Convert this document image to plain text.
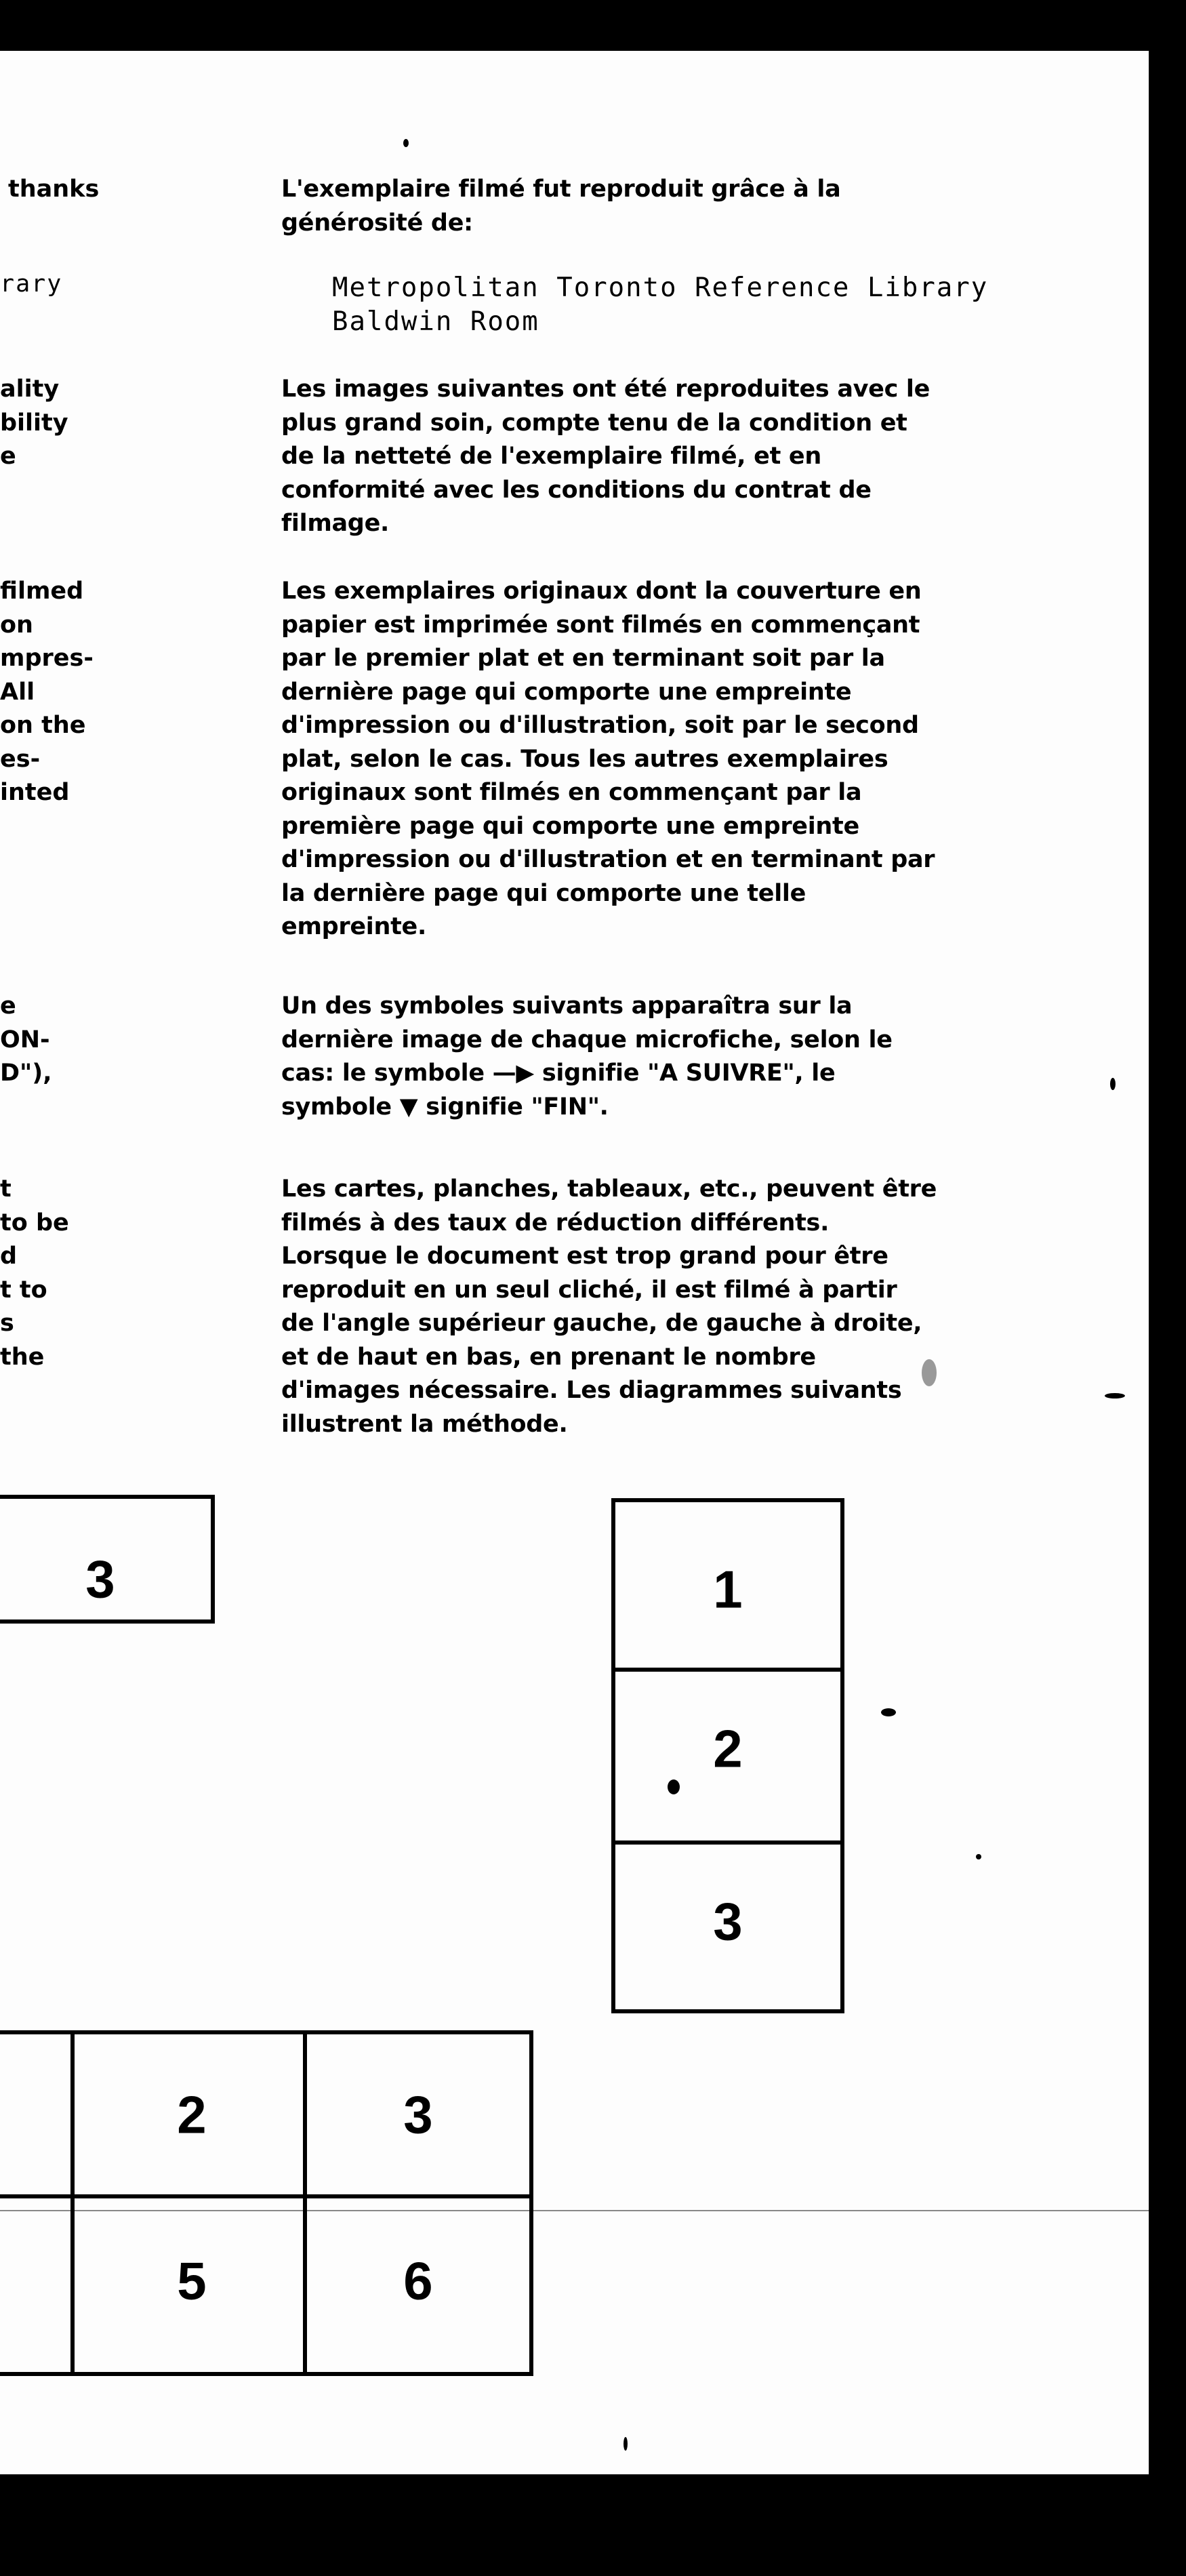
thanks
rary
ality
bility
e
filmed
on
mpres-
All
on the
es-
inted
e
ON-
D"),
t
to be
d
t to
s
the
L'exemplaire filmé fut reproduit grâce à la
générosité de:
Metropolitan Toronto Reference Library
Baldwin Room
Les images suivantes ont été reproduites avec le
plus grand soin, compte tenu de la condition et
de la netteté de l'exemplaire filmé, et en
conformité avec les conditions du contrat de
filmage.
Les exemplaires originaux dont la couverture en
papier est imprimée sont filmés en commençant
par le premier plat et en terminant soit par la
dernière page qui comporte une empreinte
d'impression ou d'illustration, soit par le second
plat, selon le cas. Tous les autres exemplaires
originaux sont filmés en commençant par la
première page qui comporte une empreinte
d'impression ou d'illustration et en terminant par
la dernière page qui comporte une telle
empreinte.
Un des symboles suivants apparaîtra sur la
dernière image de chaque microfiche, selon le
cas: le symbole —▶ signifie "A SUIVRE", le
symbole ▼ signifie "FIN".
Les cartes, planches, tableaux, etc., peuvent être
filmés à des taux de réduction différents.
Lorsque le document est trop grand pour être
reproduit en un seul cliché, il est filmé à partir
de l'angle supérieur gauche, de gauche à droite,
et de haut en bas, en prenant le nombre
d'images nécessaire. Les diagrammes suivants
illustrent la méthode.
3	1
2
3
2	3
5	6
